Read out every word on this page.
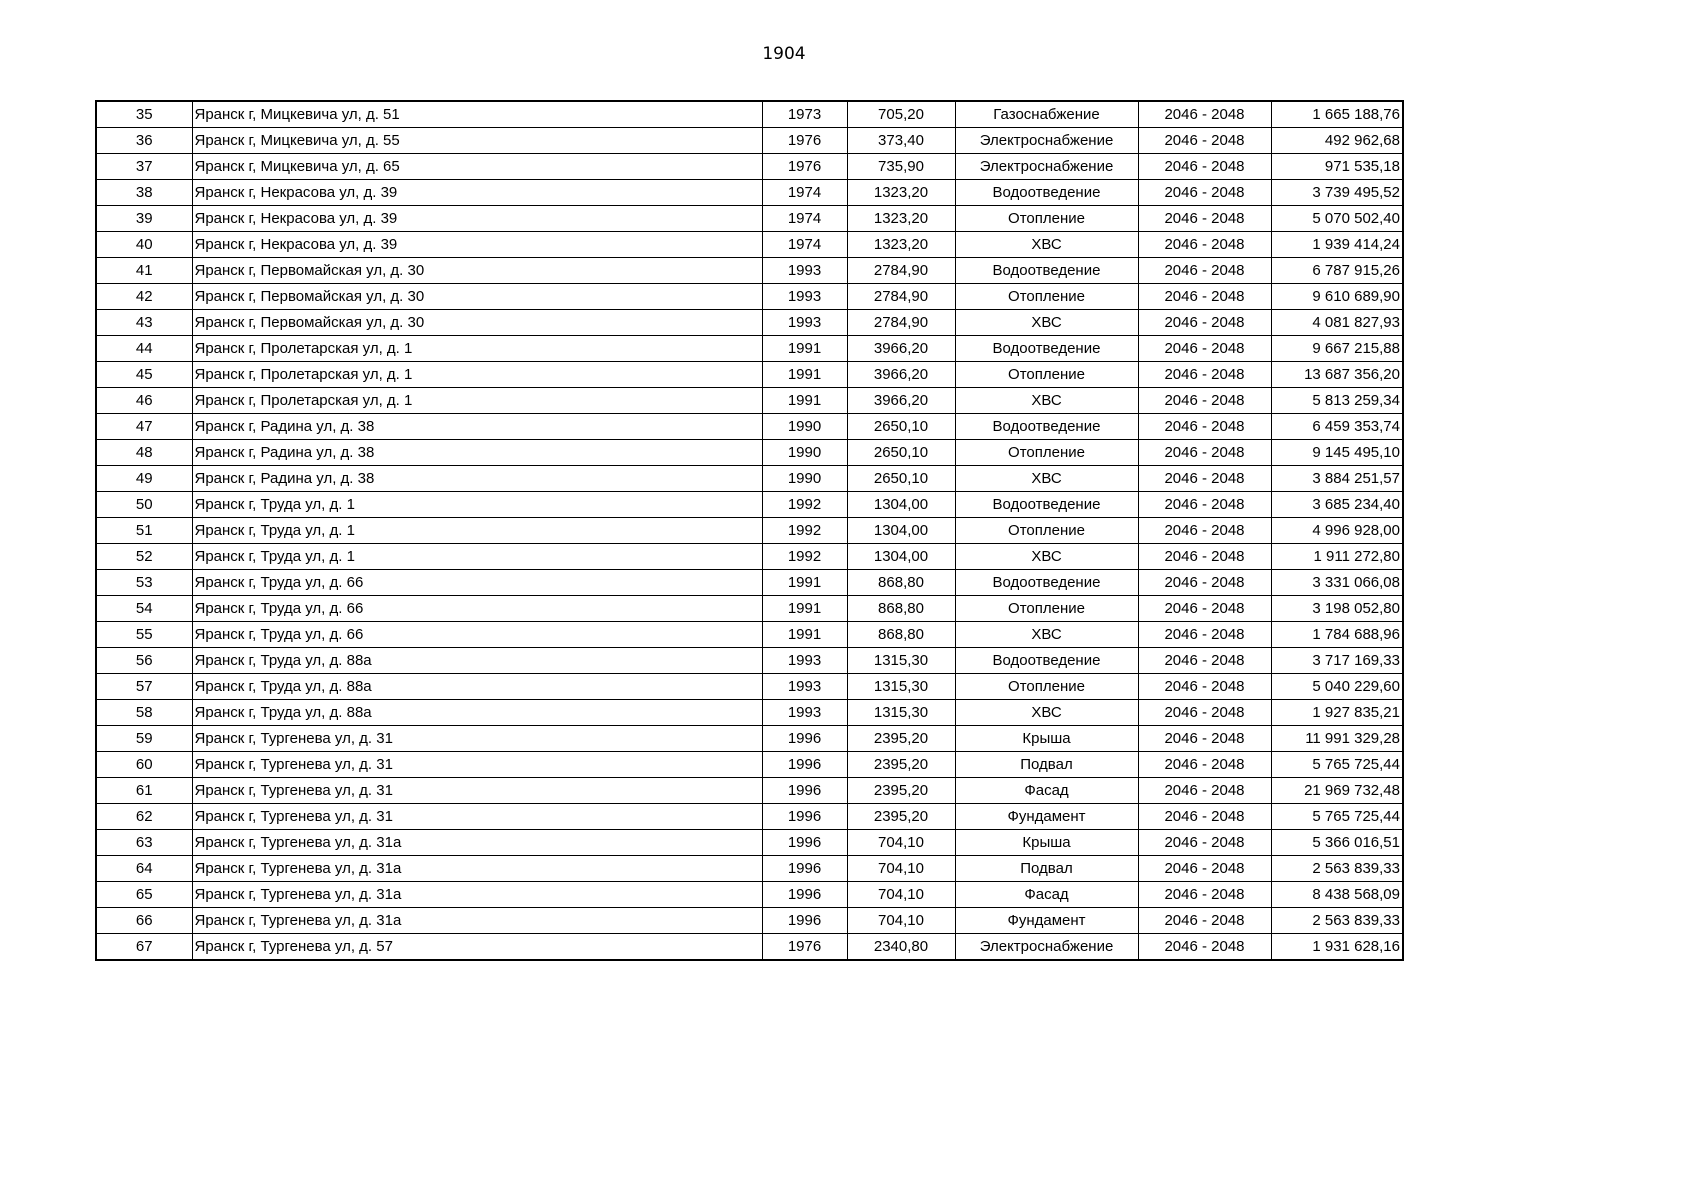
1904
35	Яранск г, Мицкевича ул, д. 51	1973	705,20	Газоснабжение	2046 - 2048	1 665 188,76
36	Яранск г, Мицкевича ул, д. 55	1976	373,40	Электроснабжение	2046 - 2048	492 962,68
37	Яранск г, Мицкевича ул, д. 65	1976	735,90	Электроснабжение	2046 - 2048	971 535,18
38	Яранск г, Некрасова ул, д. 39	1974	1323,20	Водоотведение	2046 - 2048	3 739 495,52
39	Яранск г, Некрасова ул, д. 39	1974	1323,20	Отопление	2046 - 2048	5 070 502,40
40	Яранск г, Некрасова ул, д. 39	1974	1323,20	ХВС	2046 - 2048	1 939 414,24
41	Яранск г, Первомайская ул, д. 30	1993	2784,90	Водоотведение	2046 - 2048	6 787 915,26
42	Яранск г, Первомайская ул, д. 30	1993	2784,90	Отопление	2046 - 2048	9 610 689,90
43	Яранск г, Первомайская ул, д. 30	1993	2784,90	ХВС	2046 - 2048	4 081 827,93
44	Яранск г, Пролетарская ул, д. 1	1991	3966,20	Водоотведение	2046 - 2048	9 667 215,88
45	Яранск г, Пролетарская ул, д. 1	1991	3966,20	Отопление	2046 - 2048	13 687 356,20
46	Яранск г, Пролетарская ул, д. 1	1991	3966,20	ХВС	2046 - 2048	5 813 259,34
47	Яранск г, Радина ул, д. 38	1990	2650,10	Водоотведение	2046 - 2048	6 459 353,74
48	Яранск г, Радина ул, д. 38	1990	2650,10	Отопление	2046 - 2048	9 145 495,10
49	Яранск г, Радина ул, д. 38	1990	2650,10	ХВС	2046 - 2048	3 884 251,57
50	Яранск г, Труда ул, д. 1	1992	1304,00	Водоотведение	2046 - 2048	3 685 234,40
51	Яранск г, Труда ул, д. 1	1992	1304,00	Отопление	2046 - 2048	4 996 928,00
52	Яранск г, Труда ул, д. 1	1992	1304,00	ХВС	2046 - 2048	1 911 272,80
53	Яранск г, Труда ул, д. 66	1991	868,80	Водоотведение	2046 - 2048	3 331 066,08
54	Яранск г, Труда ул, д. 66	1991	868,80	Отопление	2046 - 2048	3 198 052,80
55	Яранск г, Труда ул, д. 66	1991	868,80	ХВС	2046 - 2048	1 784 688,96
56	Яранск г, Труда ул, д. 88а	1993	1315,30	Водоотведение	2046 - 2048	3 717 169,33
57	Яранск г, Труда ул, д. 88а	1993	1315,30	Отопление	2046 - 2048	5 040 229,60
58	Яранск г, Труда ул, д. 88а	1993	1315,30	ХВС	2046 - 2048	1 927 835,21
59	Яранск г, Тургенева ул, д. 31	1996	2395,20	Крыша	2046 - 2048	11 991 329,28
60	Яранск г, Тургенева ул, д. 31	1996	2395,20	Подвал	2046 - 2048	5 765 725,44
61	Яранск г, Тургенева ул, д. 31	1996	2395,20	Фасад	2046 - 2048	21 969 732,48
62	Яранск г, Тургенева ул, д. 31	1996	2395,20	Фундамент	2046 - 2048	5 765 725,44
63	Яранск г, Тургенева ул, д. 31а	1996	704,10	Крыша	2046 - 2048	5 366 016,51
64	Яранск г, Тургенева ул, д. 31а	1996	704,10	Подвал	2046 - 2048	2 563 839,33
65	Яранск г, Тургенева ул, д. 31а	1996	704,10	Фасад	2046 - 2048	8 438 568,09
66	Яранск г, Тургенева ул, д. 31а	1996	704,10	Фундамент	2046 - 2048	2 563 839,33
67	Яранск г, Тургенева ул, д. 57	1976	2340,80	Электроснабжение	2046 - 2048	1 931 628,16
